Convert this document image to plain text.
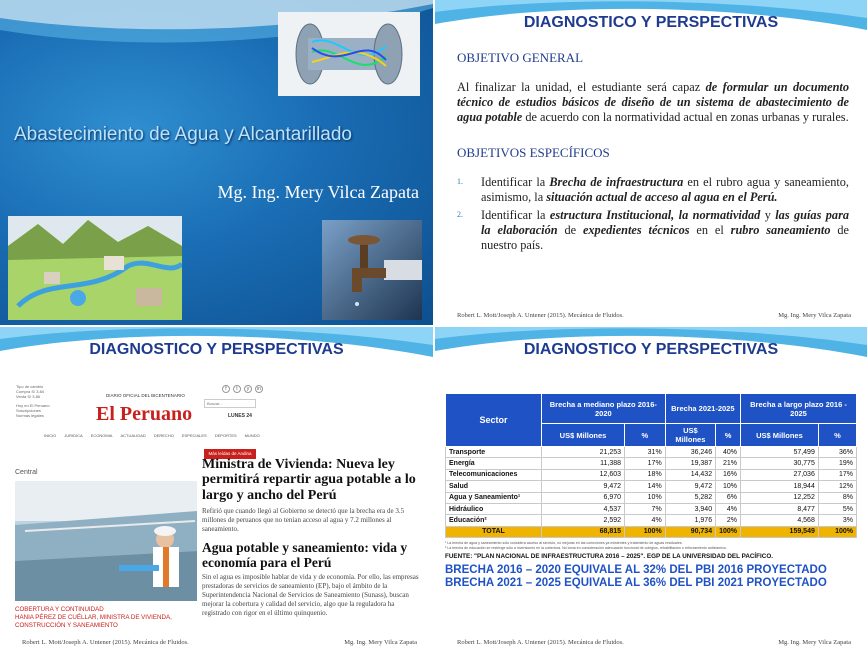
Abastecimiento de Agua y Alcantarillado
Mg. Ing. Mery Vilca Zapata
DIAGNOSTICO Y PERSPECTIVAS
OBJETIVO GENERAL

Al finalizar la unidad, el estudiante será capaz de formular un documento técnico de estudios básicos de diseño de un sistema de abastecimiento de agua potable de acuerdo con la normatividad actual en zonas urbanas y rurales.

OBJETIVOS ESPECÍFICOS
1. Identificar la Brecha de infraestructura en el rubro agua y saneamiento, asimismo, la situación actual de acceso al agua en el Perú.
2. Identificar la estructura Institucional, la normatividad y las guías para la elaboración de expedientes técnicos en el rubro saneamiento de nuestro país.
Robert L. Mott/Joseph A. Untener (2015). Mecánica de Fluidos.	Mg. Ing. Mery Vilca Zapata
DIAGNOSTICO Y PERSPECTIVAS
Tipo de cambio
Compra S/ 3.84
Venta S/ 3.86

Hoy en El Peruano
Suscripciones
Normas legales
DIARIO OFICIAL DEL BICENTENARIO
El Peruano
f	t	y	in
Buscar...
LUNES 24
INICIO JURIDICA ECONOMIA ACTUALIDAD DERECHO ESPECIALES DEPORTES MUNDO
Más leídas de Andina
Central
COBERTURA Y CONTINUIDAD
HANIA PÉREZ DE CUÉLLAR, MINISTRA DE VIVIENDA, CONSTRUCCIÓN Y SANEAMIENTO
Ministra de Vivienda: Nueva ley permitirá repartir agua potable a lo largo y ancho del Perú
Refirió que cuando llegó al Gobierno se detectó que la brecha era de 3.5 millones de peruanos que no tenían acceso al agua y 7.2 millones al saneamiento.
Agua potable y saneamiento: vida y economía para el Perú
Sin el agua es imposible hablar de vida y de economía. Por ello, las empresas prestadoras de servicios de saneamiento (EP), bajo el ámbito de la Superintendencia Nacional de Servicios de Saneamiento (Sunass), buscan mejorar la cobertura y calidad del servicio, algo que la reguladora ha registrado con rigor en el último quinquenio.
Robert L. Mott/Joseph A. Untener (2015). Mecánica de Fluidos.	Mg. Ing. Mery Vilca Zapata
DIAGNOSTICO Y PERSPECTIVAS
Sector	Brecha a mediano plazo 2016-2020		Brecha 2021-2025		Brecha a largo plazo 2016 - 2025	
	US$ Millones	%	US$ Millones	%	US$ Millones	%
Transporte	21,253	31%	36,246	40%	57,499	36%
Energía	11,388	17%	19,387	21%	30,775	19%
Telecomunicaciones	12,603	18%	14,432	16%	27,036	17%
Salud	9,472	14%	9,472	10%	18,944	12%
Agua y Saneamiento¹	6,970	10%	5,282	6%	12,252	8%
Hidráulico	4,537	7%	3,940	4%	8,477	5%
Educación²	2,592	4%	1,976	2%	4,568	3%
TOTAL	68,815	100%	90,734	100%	159,549	100%
¹ La brecha de agua y saneamiento sólo considera acceso al servicio, no mejoras en las conexiones ya existentes y tratamiento de aguas residuales.
² La brecha de educación se restringe sólo a inversiones en la cobertura. No toma en consideración adecuación funcional de colegios, rehabilitación o reforzamiento antisísmico.
FUENTE: "PLAN NACIONAL DE INFRAESTRUCTURA 2016 – 2025". EGP DE LA UNIVERSIDAD DEL PACÍFICO.
BRECHA 2016 – 2020 EQUIVALE AL 32% DEL PBI 2016 PROYECTADO
BRECHA 2021 – 2025 EQUIVALE AL 36% DEL PBI 2021 PROYECTADO
Robert L. Mott/Joseph A. Untener (2015). Mecánica de Fluidos.	Mg. Ing. Mery Vilca Zapata
